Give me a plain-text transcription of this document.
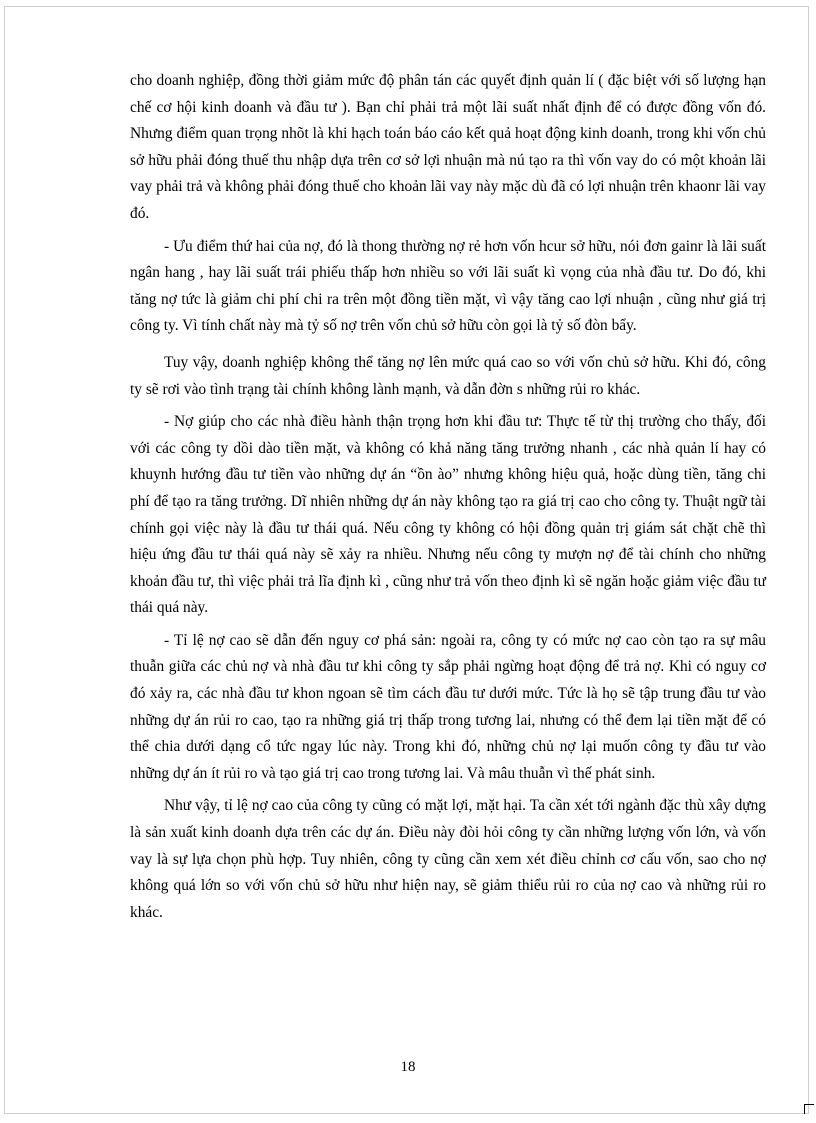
cho doanh nghiệp, đồng thời giảm mức độ phân tán các quyết định quản lí ( đặc biệt với số lượng hạn chế cơ hội kinh doanh và đầu tư ). Bạn chỉ phải trả một lãi suất nhất định để có được đồng vốn đó. Nhưng điểm quan trọng nhõt là khi hạch toán báo cáo kết quả hoạt động kinh doanh, trong khi vốn chủ sở hữu phải đóng thuế thu nhập dựa trên cơ sở lợi nhuận mà nú tạo ra thì vốn vay do có một khoản lãi vay phải trả và không phải đóng thuế cho khoản lãi vay này mặc dù đã có lợi nhuận trên khaonr lãi vay đó.

- Ưu điểm thứ hai của nợ, đó là thong thường nợ rẻ hơn vốn hcur sở hữu, nói đơn gainr là lãi suất ngân hang , hay lãi suất trái phiếu thấp hơn nhiều so với lãi suất kì vọng của nhà đầu tư. Do đó, khi tăng nợ tức là giảm chi phí chi ra trên một đồng tiền mặt, vì vậy tăng cao lợi nhuận , cũng như giá trị công ty. Vì tính chất này mà tỷ số nợ trên vốn chủ sở hữu còn gọi là tỷ số đòn bẩy.

Tuy vậy, doanh nghiệp không thể tăng nợ lên mức quá cao so với vốn chủ sở hữu. Khi đó, công ty sẽ rơi vào tình trạng tài chính không lành mạnh, và dẫn đờn s những rủi ro khác.

- Nợ giúp cho các nhà điều hành thận trọng hơn khi đầu tư: Thực tế từ thị trường cho thấy, đối với các công ty dồi dào tiền mặt, và không có khả năng tăng trưởng nhanh , các nhà quản lí hay có khuynh hướng đầu tư tiền vào những dự án “ồn ào” nhưng không hiệu quả, hoặc dùng tiền, tăng chi phí để tạo ra tăng trưởng. Dĩ nhiên những dự án này không tạo ra giá trị cao cho công ty. Thuật ngữ tài chính gọi việc này là đầu tư thái quá. Nếu công ty không có hội đồng quản trị giám sát chặt chẽ thì hiệu ứng đầu tư thái quá này sẽ xảy ra nhiều. Nhưng nếu công ty mượn nợ để tài chính cho những khoản đầu tư, thì việc phải trả lĩa định kì , cũng như trả vốn theo định kì sẽ ngăn hoặc giảm việc đầu tư thái quá này.

- Tỉ lệ nợ cao sẽ dẫn đến nguy cơ phá sản: ngoài ra, công ty có mức nợ cao còn tạo ra sự mâu thuẫn giữa các chủ nợ và nhà đầu tư khi công ty sắp phải ngừng hoạt động để trả nợ. Khi có nguy cơ đó xảy ra, các nhà đầu tư khon ngoan sẽ tìm cách đầu tư dưới mức. Tức là họ sẽ tập trung đầu tư vào những dự án rủi ro cao, tạo ra những giá trị thấp trong tương lai, nhưng có thể đem lại tiền mặt để có thể chia dưới dạng cổ tức ngay lúc này. Trong khi đó, những chủ nợ lại muốn công ty đầu tư vào những dự án ít rủi ro và tạo giá trị cao trong tương lai. Và mâu thuẫn vì thế phát sinh.

Như vậy, tỉ lệ nợ cao của công ty cũng có mặt lợi, mặt hại. Ta cần xét tới ngành đặc thù xây dựng là sản xuất kinh doanh dựa trên các dự án. Điều này đòi hỏi công ty cần những lượng vốn lớn, và vốn vay là sự lựa chọn phù hợp. Tuy nhiên, công ty cũng cần xem xét điều chỉnh cơ cấu vốn, sao cho nợ không quá lớn so với vốn chủ sở hữu như hiện nay, sẽ giảm thiểu rủi ro của nợ cao và những rủi ro khác.

18
